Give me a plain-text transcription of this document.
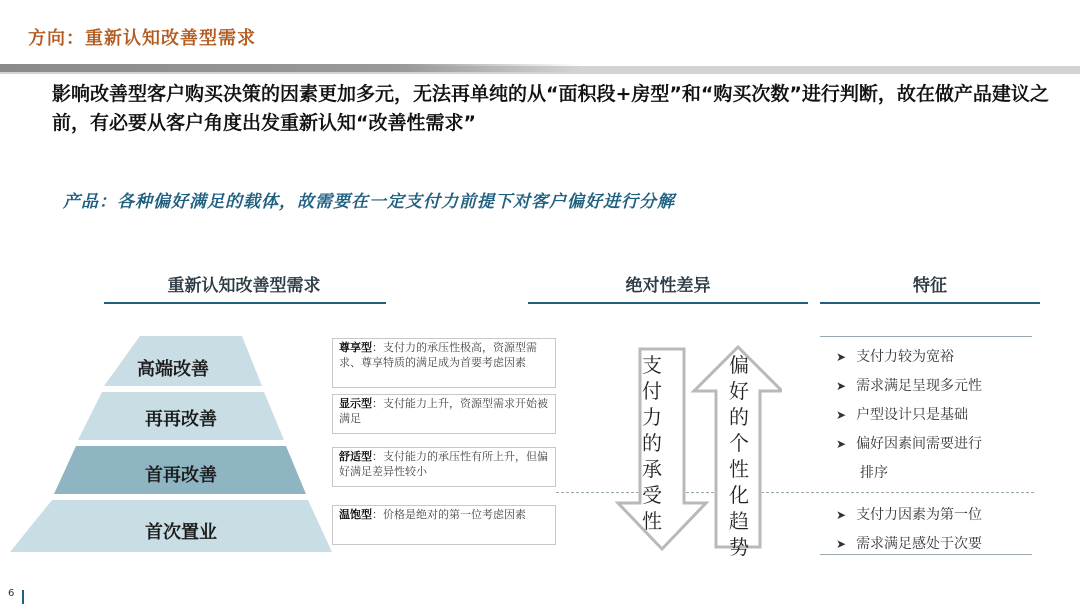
方向：重新认知改善型需求
影响改善型客户购买决策的因素更加多元，无法再单纯的从“面积段+房型”和“购买次数”进行判断，故在做产品建议之前，有必要从客户角度出发重新认知“改善性需求”
产品：各种偏好满足的载体，故需要在一定支付力前提下对客户偏好进行分解
重新认知改善型需求	绝对性差异	特征
高端改善
再再改善
首再改善
首次置业
尊享型：支付力的承压性极高，资源型需求、尊享特质的满足成为首要考虑因素
显示型：支付能力上升，资源型需求开始被满足
舒适型：支付能力的承压性有所上升，但偏好满足差异性较小
温饱型：价格是绝对的第一位考虑因素
支
付
力
的
承
受
性
偏
好
的
个
性
化
趋
势
➤ 支付力较为宽裕
➤ 需求满足呈现多元性
➤ 户型设计只是基础
➤ 偏好因素间需要进行
排序
➤ 支付力因素为第一位
➤ 需求满足感处于次要
6
